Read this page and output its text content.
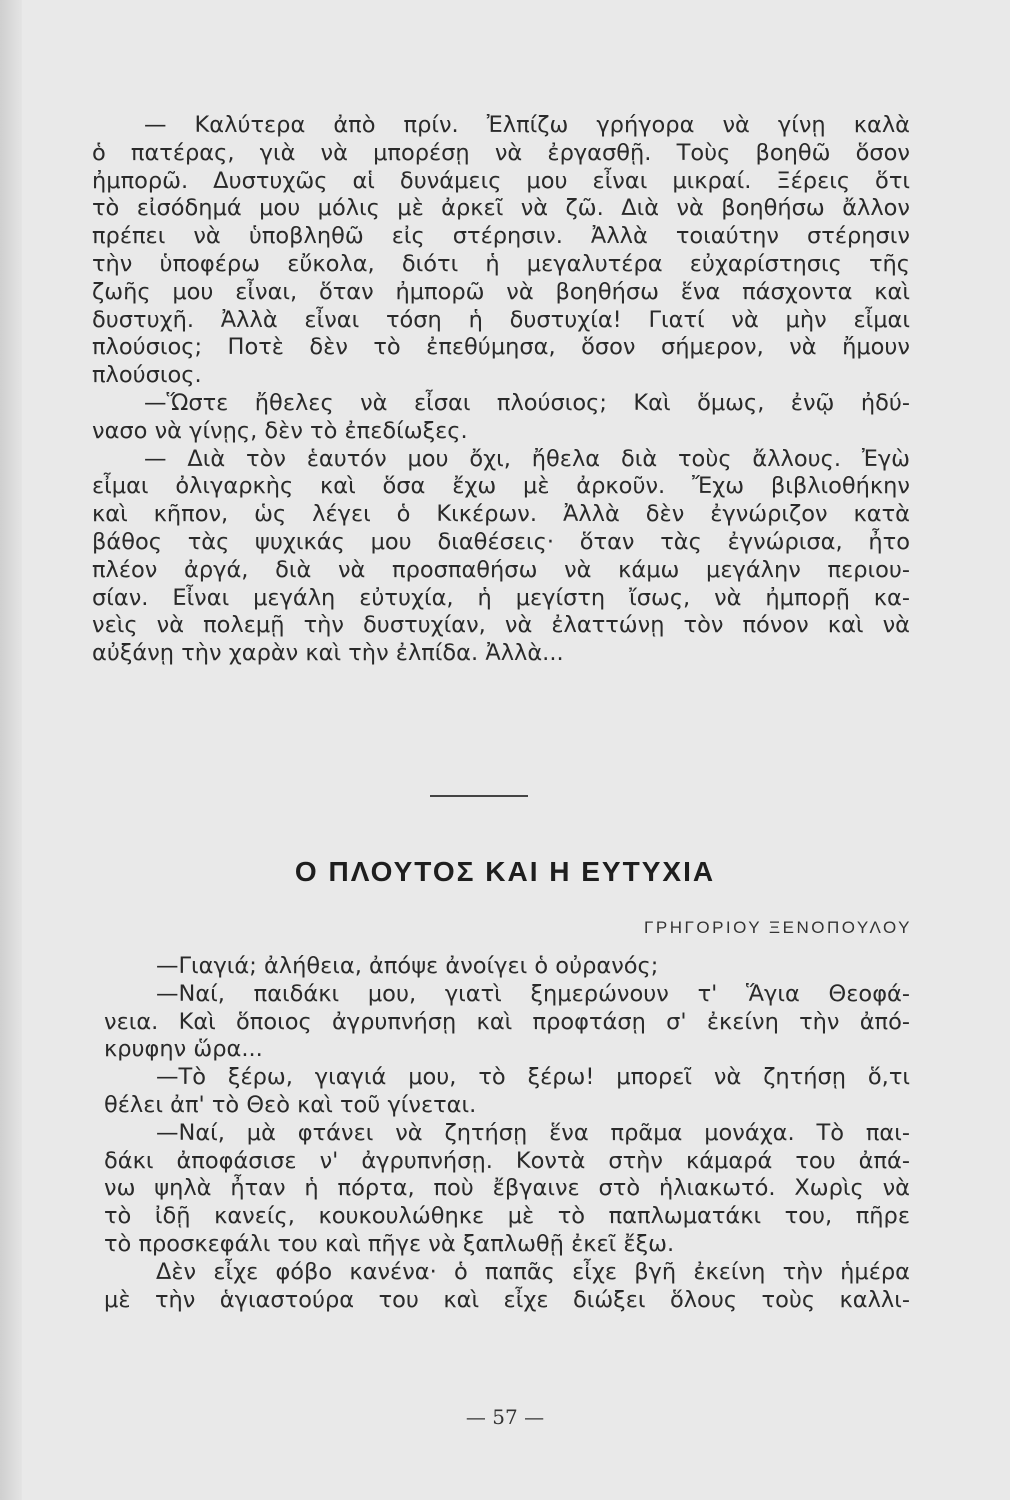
— Καλύτερα ἀπὸ πρίν. Ἐλπίζω γρήγορα νὰ γίνῃ καλὰ
ὁ πατέρας, γιὰ νὰ μπορέσῃ νὰ ἐργασθῇ. Τοὺς βοηθῶ ὅσον
ἠμπορῶ. Δυστυχῶς αἱ δυνάμεις μου εἶναι μικραί. Ξέρεις ὅτι
τὸ εἰσόδημά μου μόλις μὲ ἀρκεῖ νὰ ζῶ. Διὰ νὰ βοηθήσω ἄλλον
πρέπει νὰ ὑποβληθῶ εἰς στέρησιν. Ἀλλὰ τοιαύτην στέρησιν
τὴν ὑποφέρω εὔκολα, διότι ἡ μεγαλυτέρα εὐχαρίστησις τῆς
ζωῆς μου εἶναι, ὅταν ἠμπορῶ νὰ βοηθήσω ἕνα πάσχοντα καὶ
δυστυχῆ. Ἀλλὰ εἶναι τόση ἡ δυστυχία! Γιατί νὰ μὴν εἶμαι
πλούσιος; Ποτὲ δὲν τὸ ἐπεθύμησα, ὅσον σήμερον, νὰ ἤμουν
πλούσιος.
—Ὥστε ἤθελες νὰ εἶσαι πλούσιος; Καὶ ὅμως, ἐνῷ ἠδύ-
νασο νὰ γίνῃς, δὲν τὸ ἐπεδίωξες.
— Διὰ τὸν ἑαυτόν μου ὄχι, ἤθελα διὰ τοὺς ἄλλους. Ἐγὼ
εἶμαι ὀλιγαρκὴς καὶ ὅσα ἔχω μὲ ἀρκοῦν. Ἔχω βιβλιοθήκην
καὶ κῆπον, ὡς λέγει ὁ Κικέρων. Ἀλλὰ δὲν ἐγνώριζον κατὰ
βάθος τὰς ψυχικάς μου διαθέσεις· ὅταν τὰς ἐγνώρισα, ἦτο
πλέον ἀργά, διὰ νὰ προσπαθήσω νὰ κάμω μεγάλην περιου-
σίαν. Εἶναι μεγάλη εὐτυχία, ἡ μεγίστη ἴσως, νὰ ἠμπορῇ κα-
νεὶς νὰ πολεμῇ τὴν δυστυχίαν, νὰ ἐλαττώνῃ τὸν πόνον καὶ νὰ
αὐξάνῃ τὴν χαρὰν καὶ τὴν ἐλπίδα. Ἀλλὰ...
Ο ΠΛΟΥΤΟΣ ΚΑΙ Η ΕΥΤΥΧΙΑ
ΓΡΗΓΟΡΙΟΥ ΞΕΝΟΠΟΥΛΟΥ
—Γιαγιά; ἀλήθεια, ἀπόψε ἀνοίγει ὁ οὐρανός;
—Ναί, παιδάκι μου, γιατὶ ξημερώνουν τ' Ἅγια Θεοφά-
νεια. Καὶ ὅποιος ἀγρυπνήσῃ καὶ προφτάσῃ σ' ἐκείνη τὴν ἀπό-
κρυφην ὥρα...
—Τὸ ξέρω, γιαγιά μου, τὸ ξέρω! μπορεῖ νὰ ζητήσῃ ὅ,τι
θέλει ἀπ' τὸ Θεὸ καὶ τοῦ γίνεται.
—Ναί, μὰ φτάνει νὰ ζητήσῃ ἕνα πρᾶμα μονάχα. Τὸ παι-
δάκι ἀποφάσισε ν' ἀγρυπνήσῃ. Κοντὰ στὴν κάμαρά του ἀπά-
νω ψηλὰ ἦταν ἡ πόρτα, ποὺ ἔβγαινε στὸ ἡλιακωτό. Χωρὶς νὰ
τὸ ἰδῇ κανείς, κουκουλώθηκε μὲ τὸ παπλωματάκι του, πῆρε
τὸ προσκεφάλι του καὶ πῆγε νὰ ξαπλωθῇ ἐκεῖ ἔξω.
Δὲν εἶχε φόβο κανένα· ὁ παπᾶς εἶχε βγῆ ἐκείνη τὴν ἡμέρα
μὲ τὴν ἁγιαστούρα του καὶ εἶχε διώξει ὅλους τοὺς καλλι-
— 57 —
